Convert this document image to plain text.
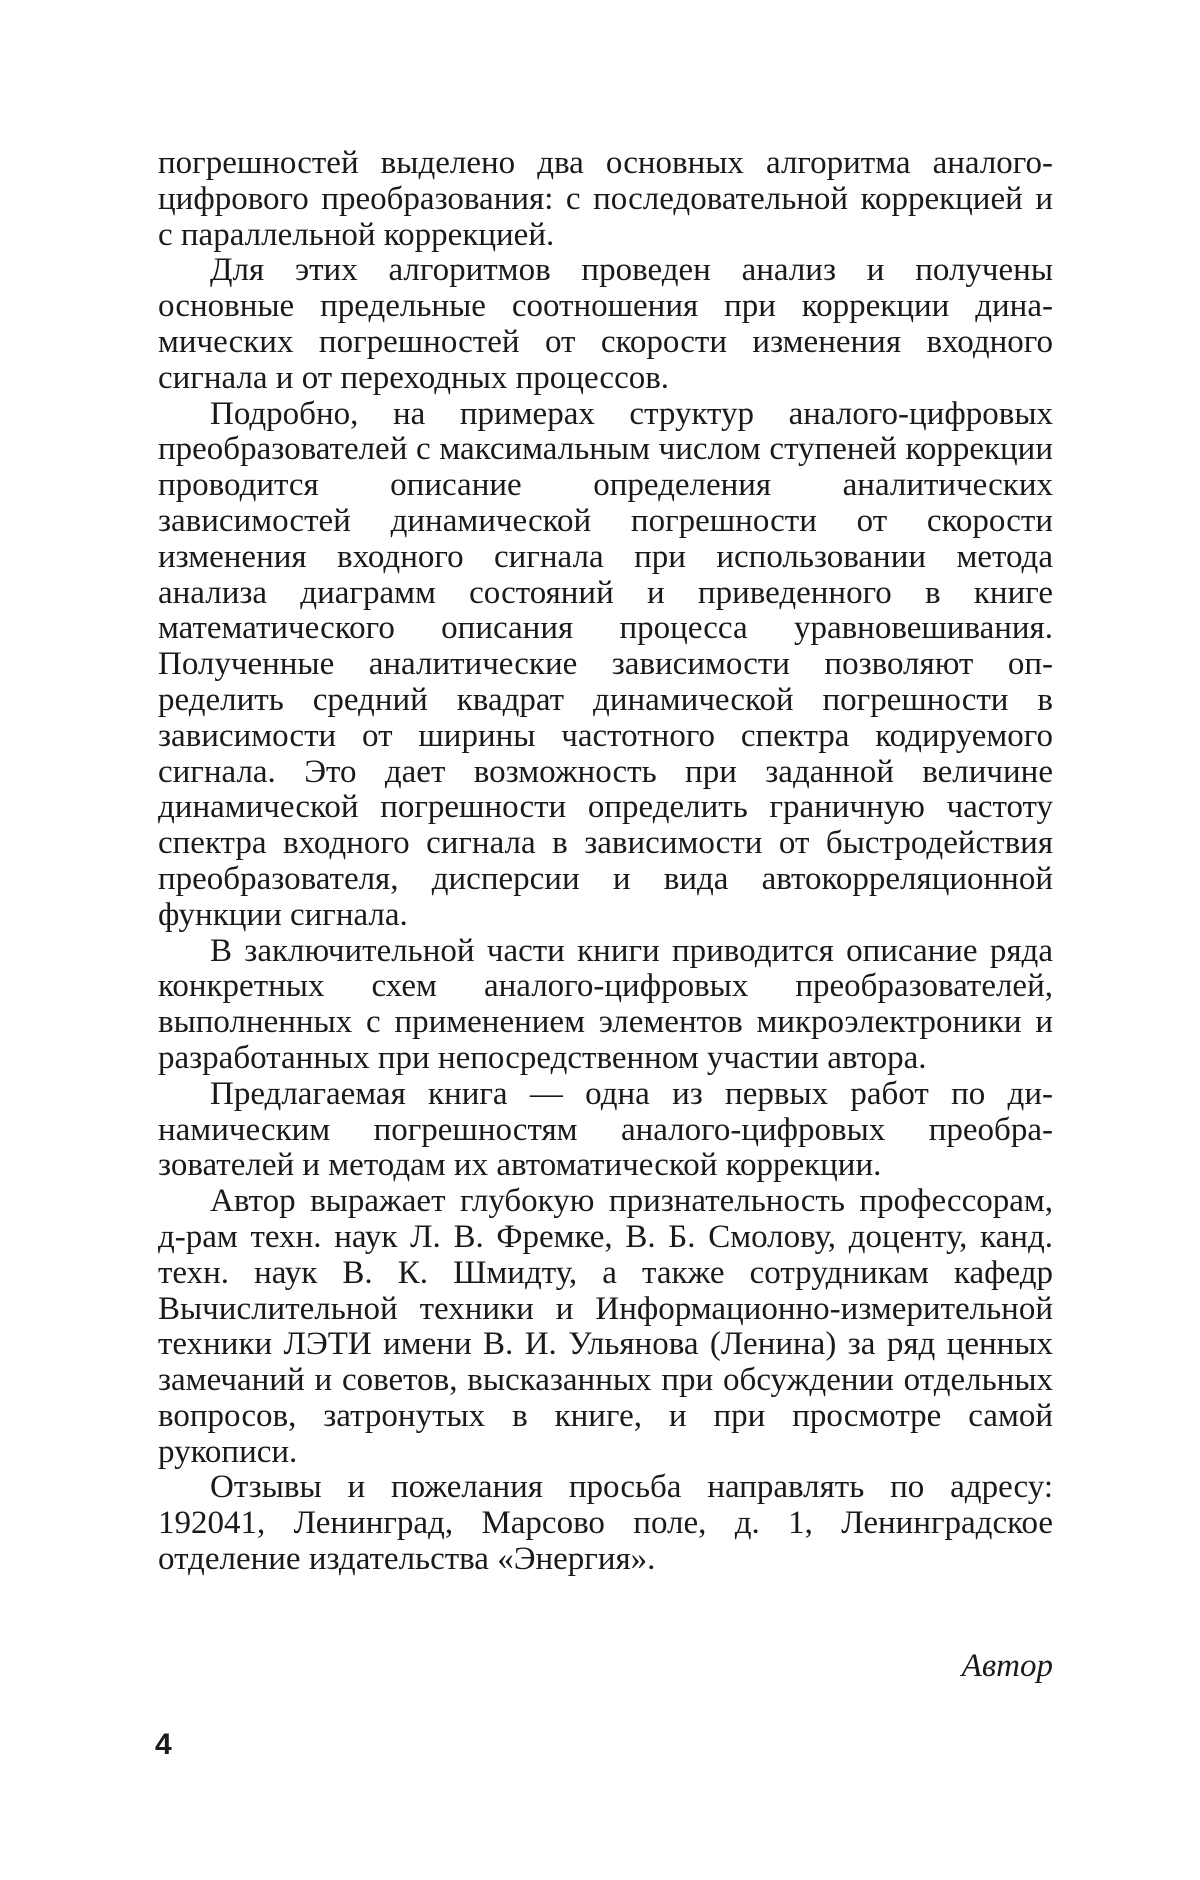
погрешностей выделено два основных алгоритма аналого-цифрового преобразования: с последовательной коррекцией и с параллельной коррекцией.

Для этих алгоритмов проведен анализ и получены основные предельные соотношения при коррекции динамических погрешностей от скорости изменения входного сигнала и от переходных процессов.

Подробно, на примерах структур аналого-цифровых преобразователей с максимальным числом ступеней коррекции проводится описание определения аналитических зависимостей динамической погрешности от скорости изменения входного сигнала при использовании метода анализа диаграмм состояний и приведенного в книге математического описания процесса уравновешивания. Полученные аналитические зависимости позволяют определить средний квадрат динамической погрешности в зависимости от ширины частотного спектра кодируемого сигнала. Это дает возможность при заданной величине динамической погрешности определить граничную частоту спектра входного сигнала в зависимости от быстродействия преобразователя, дисперсии и вида автокорреляционной функции сигнала.

В заключительной части книги приводится описание ряда конкретных схем аналого-цифровых преобразователей, выполненных с применением элементов микроэлектроники и разработанных при непосредственном участии автора.

Предлагаемая книга — одна из первых работ по динамическим погрешностям аналого-цифровых преобразователей и методам их автоматической коррекции.

Автор выражает глубокую признательность профессорам, д-рам техн. наук Л. В. Фремке, В. Б. Смолову, доценту, канд. техн. наук В. К. Шмидту, а также сотрудникам кафедр Вычислительной техники и Информационно-измерительной техники ЛЭТИ имени В. И. Ульянова (Ленина) за ряд ценных замечаний и советов, высказанных при обсуждении отдельных вопросов, затронутых в книге, и при просмотре самой рукописи.

Отзывы и пожелания просьба направлять по адресу: 192041, Ленинград, Марсово поле, д. 1, Ленинградское отделение издательства «Энергия».

Автор
4
